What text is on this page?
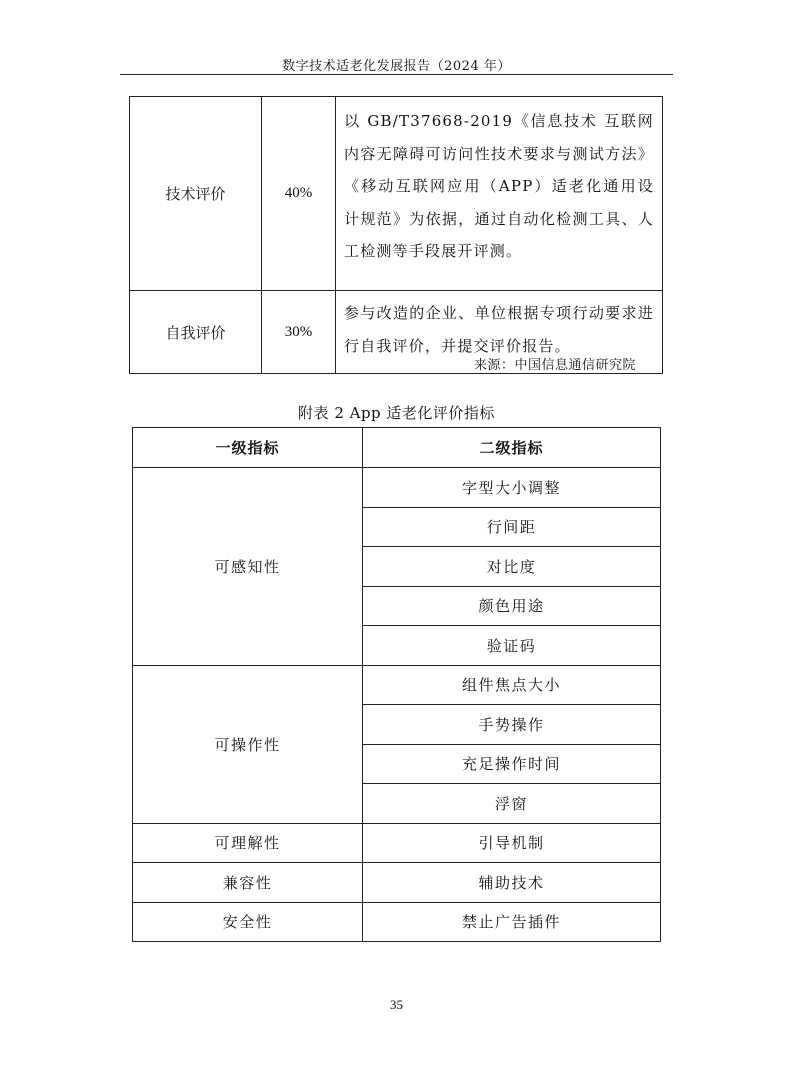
数字技术适老化发展报告（2024 年）
技术评价	40%	以 GB/T37668-2019《信息技术 互联网内容无障碍可访问性技术要求与测试方法》《移动互联网应用（APP）适老化通用设计规范》为依据，通过自动化检测工具、人工检测等手段展开评测。
自我评价	30%	参与改造的企业、单位根据专项行动要求进行自我评价，并提交评价报告。
来源：中国信息通信研究院
附表 2 App 适老化评价指标
一级指标	二级指标
可感知性	字型大小调整
	行间距
	对比度
	颜色用途
	验证码
可操作性	组件焦点大小
	手势操作
	充足操作时间
	浮窗
可理解性	引导机制
兼容性	辅助技术
安全性	禁止广告插件
35
